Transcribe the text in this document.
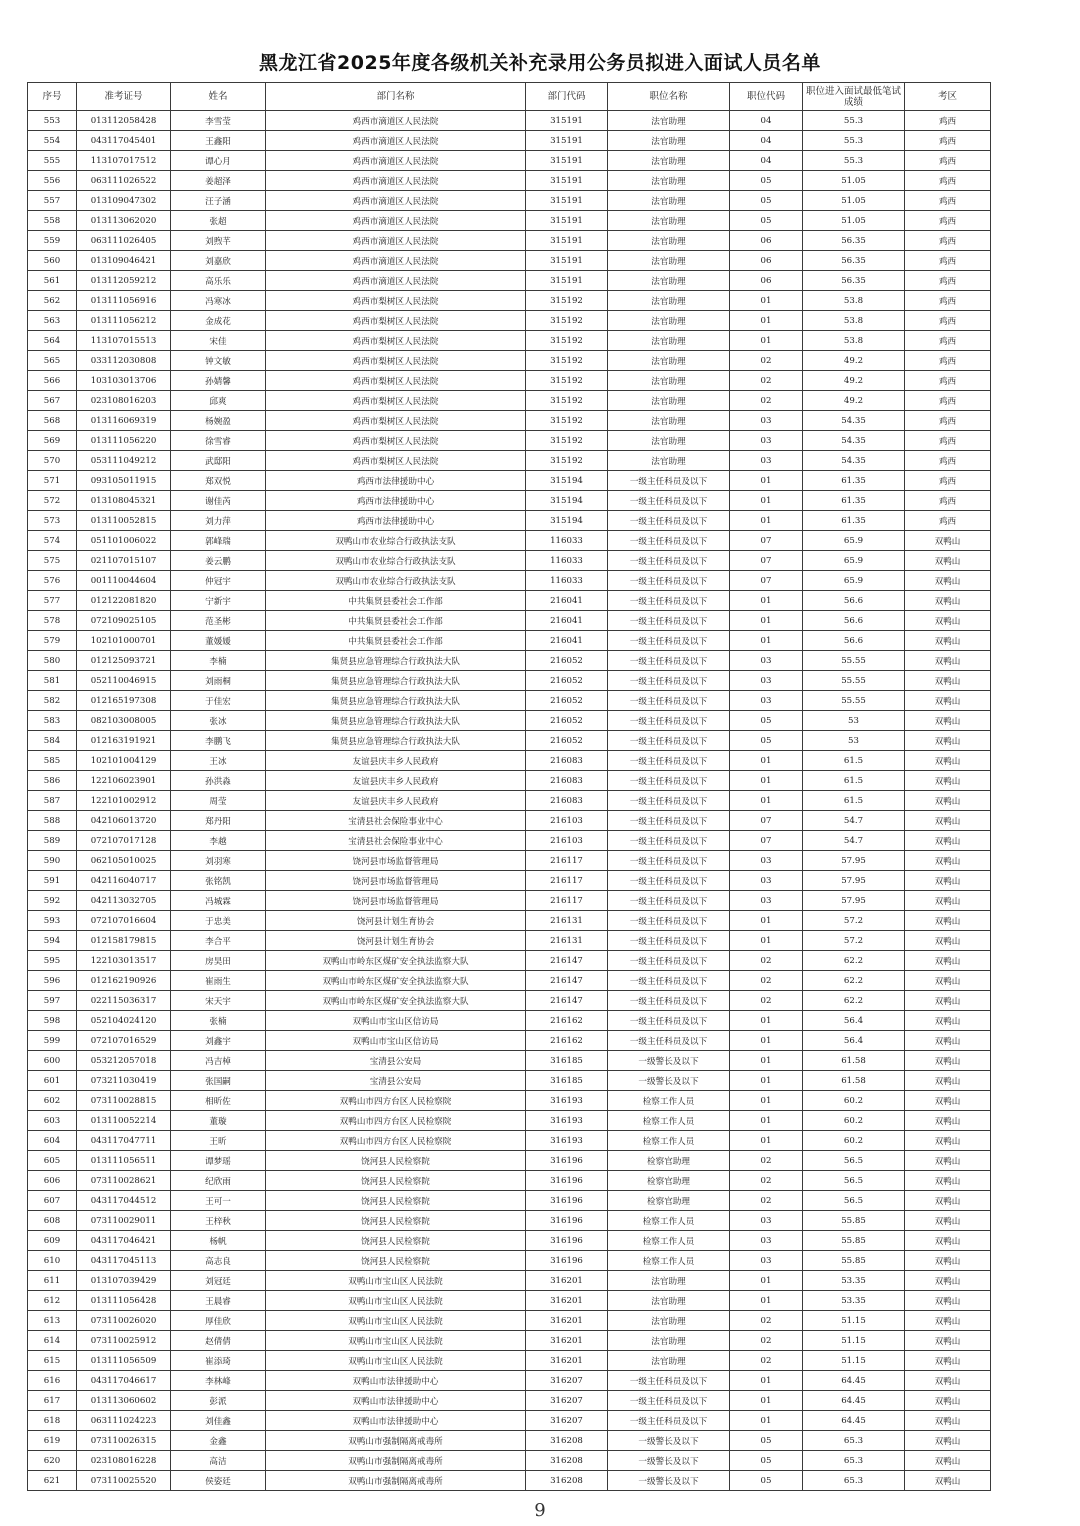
黑龙江省2025年度各级机关补充录用公务员拟进入面试人员名单
序号	准考证号	姓名	部门名称	部门代码	职位名称	职位代码	职位进入面试最低笔试成绩	考区
553	013112058428	李雪莹	鸡西市滴道区人民法院	315191	法官助理	04	55.3	鸡西
554	043117045401	王鑫阳	鸡西市滴道区人民法院	315191	法官助理	04	55.3	鸡西
555	113107017512	谭心月	鸡西市滴道区人民法院	315191	法官助理	04	55.3	鸡西
556	063111026522	姜超泽	鸡西市滴道区人民法院	315191	法官助理	05	51.05	鸡西
557	013109047302	汪子涵	鸡西市滴道区人民法院	315191	法官助理	05	51.05	鸡西
558	013113062020	张超	鸡西市滴道区人民法院	315191	法官助理	05	51.05	鸡西
559	063111026405	刘煦芊	鸡西市滴道区人民法院	315191	法官助理	06	56.35	鸡西
560	013109046421	刘嘉欣	鸡西市滴道区人民法院	315191	法官助理	06	56.35	鸡西
561	013112059212	高乐乐	鸡西市滴道区人民法院	315191	法官助理	06	56.35	鸡西
562	013111056916	冯寒冰	鸡西市梨树区人民法院	315192	法官助理	01	53.8	鸡西
563	013111056212	金成花	鸡西市梨树区人民法院	315192	法官助理	01	53.8	鸡西
564	113107015513	宋佳	鸡西市梨树区人民法院	315192	法官助理	01	53.8	鸡西
565	033112030808	钟文敏	鸡西市梨树区人民法院	315192	法官助理	02	49.2	鸡西
566	103103013706	孙婧馨	鸡西市梨树区人民法院	315192	法官助理	02	49.2	鸡西
567	023108016203	邱爽	鸡西市梨树区人民法院	315192	法官助理	02	49.2	鸡西
568	013116069319	杨婉盈	鸡西市梨树区人民法院	315192	法官助理	03	54.35	鸡西
569	013111056220	徐雪睿	鸡西市梨树区人民法院	315192	法官助理	03	54.35	鸡西
570	053111049212	武邸阳	鸡西市梨树区人民法院	315192	法官助理	03	54.35	鸡西
571	093105011915	郑双悦	鸡西市法律援助中心	315194	一级主任科员及以下	01	61.35	鸡西
572	013108045321	谢佳芮	鸡西市法律援助中心	315194	一级主任科员及以下	01	61.35	鸡西
573	013110052815	刘力萍	鸡西市法律援助中心	315194	一级主任科员及以下	01	61.35	鸡西
574	051101006022	郭峰瑞	双鸭山市农业综合行政执法支队	116033	一级主任科员及以下	07	65.9	双鸭山
575	021107015107	姜云鹏	双鸭山市农业综合行政执法支队	116033	一级主任科员及以下	07	65.9	双鸭山
576	001110044604	仲冠宇	双鸭山市农业综合行政执法支队	116033	一级主任科员及以下	07	65.9	双鸭山
577	012122081820	宁新宇	中共集贤县委社会工作部	216041	一级主任科员及以下	01	56.6	双鸭山
578	072109025105	范圣彬	中共集贤县委社会工作部	216041	一级主任科员及以下	01	56.6	双鸭山
579	102101000701	董媛媛	中共集贤县委社会工作部	216041	一级主任科员及以下	01	56.6	双鸭山
580	012125093721	李楠	集贤县应急管理综合行政执法大队	216052	一级主任科员及以下	03	55.55	双鸭山
581	052110046915	刘雨桐	集贤县应急管理综合行政执法大队	216052	一级主任科员及以下	03	55.55	双鸭山
582	012165197308	于佳宏	集贤县应急管理综合行政执法大队	216052	一级主任科员及以下	03	55.55	双鸭山
583	082103008005	张冰	集贤县应急管理综合行政执法大队	216052	一级主任科员及以下	05	53	双鸭山
584	012163191921	李鹏飞	集贤县应急管理综合行政执法大队	216052	一级主任科员及以下	05	53	双鸭山
585	102101004129	王冰	友谊县庆丰乡人民政府	216083	一级主任科员及以下	01	61.5	双鸭山
586	122106023901	孙洪淼	友谊县庆丰乡人民政府	216083	一级主任科员及以下	01	61.5	双鸭山
587	122101002912	周莹	友谊县庆丰乡人民政府	216083	一级主任科员及以下	01	61.5	双鸭山
588	042106013720	郑丹阳	宝清县社会保险事业中心	216103	一级主任科员及以下	07	54.7	双鸭山
589	072107017128	李越	宝清县社会保险事业中心	216103	一级主任科员及以下	07	54.7	双鸭山
590	062105010025	刘羽寒	饶河县市场监督管理局	216117	一级主任科员及以下	03	57.95	双鸭山
591	042116040717	张铭凯	饶河县市场监督管理局	216117	一级主任科员及以下	03	57.95	双鸭山
592	042113032705	冯城霖	饶河县市场监督管理局	216117	一级主任科员及以下	03	57.95	双鸭山
593	072107016604	于忠美	饶河县计划生育协会	216131	一级主任科员及以下	01	57.2	双鸭山
594	012158179815	李合平	饶河县计划生育协会	216131	一级主任科员及以下	01	57.2	双鸭山
595	122103013517	房昊田	双鸭山市岭东区煤矿安全执法监察大队	216147	一级主任科员及以下	02	62.2	双鸭山
596	012162190926	崔雨生	双鸭山市岭东区煤矿安全执法监察大队	216147	一级主任科员及以下	02	62.2	双鸭山
597	022115036317	宋天宇	双鸭山市岭东区煤矿安全执法监察大队	216147	一级主任科员及以下	02	62.2	双鸭山
598	052104024120	张楠	双鸭山市宝山区信访局	216162	一级主任科员及以下	01	56.4	双鸭山
599	072107016529	刘鑫宇	双鸭山市宝山区信访局	216162	一级主任科员及以下	01	56.4	双鸭山
600	053212057018	冯吉棹	宝清县公安局	316185	一级警长及以下	01	61.58	双鸭山
601	073211030419	张国嗣	宝清县公安局	316185	一级警长及以下	01	61.58	双鸭山
602	073110028815	相昕佐	双鸭山市四方台区人民检察院	316193	检察工作人员	01	60.2	双鸭山
603	013110052214	董璇	双鸭山市四方台区人民检察院	316193	检察工作人员	01	60.2	双鸭山
604	043117047711	王昕	双鸭山市四方台区人民检察院	316193	检察工作人员	01	60.2	双鸭山
605	013111056511	谭梦瑶	饶河县人民检察院	316196	检察官助理	02	56.5	双鸭山
606	073110028621	纪欣雨	饶河县人民检察院	316196	检察官助理	02	56.5	双鸭山
607	043117044512	王可一	饶河县人民检察院	316196	检察官助理	02	56.5	双鸭山
608	073110029011	王梓秋	饶河县人民检察院	316196	检察工作人员	03	55.85	双鸭山
609	043117046421	杨帆	饶河县人民检察院	316196	检察工作人员	03	55.85	双鸭山
610	043117045113	高志良	饶河县人民检察院	316196	检察工作人员	03	55.85	双鸭山
611	013107039429	刘冠廷	双鸭山市宝山区人民法院	316201	法官助理	01	53.35	双鸭山
612	013111056428	王晨睿	双鸭山市宝山区人民法院	316201	法官助理	01	53.35	双鸭山
613	073110026020	厚佳欣	双鸭山市宝山区人民法院	316201	法官助理	02	51.15	双鸭山
614	073110025912	赵倩倩	双鸭山市宝山区人民法院	316201	法官助理	02	51.15	双鸭山
615	013111056509	崔添琦	双鸭山市宝山区人民法院	316201	法官助理	02	51.15	双鸭山
616	043117046617	李林峰	双鸭山市法律援助中心	316207	一级主任科员及以下	01	64.45	双鸭山
617	013113060602	彭派	双鸭山市法律援助中心	316207	一级主任科员及以下	01	64.45	双鸭山
618	063111024223	刘佳鑫	双鸭山市法律援助中心	316207	一级主任科员及以下	01	64.45	双鸭山
619	073110026315	金鑫	双鸭山市强制隔离戒毒所	316208	一级警长及以下	05	65.3	双鸭山
620	023108016228	高洁	双鸭山市强制隔离戒毒所	316208	一级警长及以下	05	65.3	双鸭山
621	073110025520	侯姿廷	双鸭山市强制隔离戒毒所	316208	一级警长及以下	05	65.3	双鸭山
9
